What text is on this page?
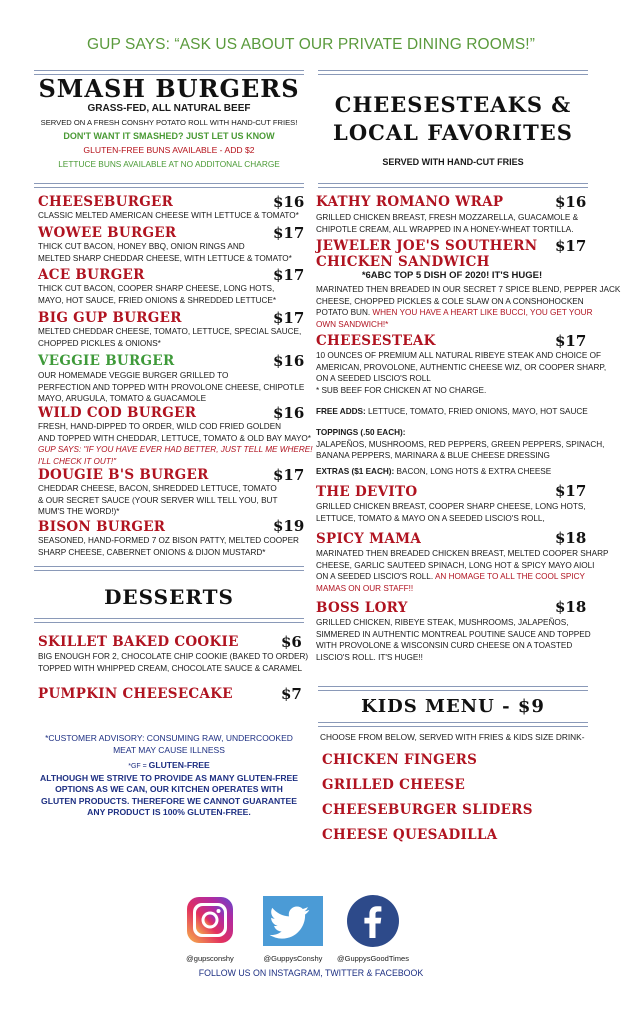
GUP SAYS: “ASK US ABOUT OUR PRIVATE DINING ROOMS!”
SMASH BURGERS
GRASS-FED, ALL NATURAL BEEF
SERVED ON A FRESH CONSHY POTATO ROLL WITH HAND-CUT FRIES!
DON'T WANT IT SMASHED? JUST LET US KNOW
GLUTEN-FREE BUNS AVAILABLE - ADD $2
LETTUCE BUNS AVAILABLE AT NO ADDITONAL CHARGE
CHEESESTEAKS &
LOCAL FAVORITES
SERVED WITH HAND-CUT FRIES
CHEESEBURGER	$16
CLASSIC MELTED AMERICAN CHEESE WITH LETTUCE & TOMATO*
WOWEE BURGER	$17
THICK CUT BACON, HONEY BBQ, ONION RINGS AND
MELTED SHARP CHEDDAR CHEESE, WITH LETTUCE & TOMATO*
ACE BURGER	$17
THICK CUT BACON, COOPER SHARP CHEESE, LONG HOTS,
MAYO, HOT SAUCE, FRIED ONIONS & SHREDDED LETTUCE*
BIG GUP BURGER	$17
MELTED CHEDDAR CHEESE, TOMATO, LETTUCE, SPECIAL SAUCE,
CHOPPED PICKLES & ONIONS*
VEGGIE BURGER	$16
OUR HOMEMADE VEGGIE BURGER GRILLED TO
PERFECTION AND TOPPED WITH PROVOLONE CHEESE, CHIPOTLE
MAYO, ARUGULA, TOMATO & GUACAMOLE
WILD COD BURGER	$16
FRESH, HAND-DIPPED TO ORDER, WILD COD FRIED GOLDEN
AND TOPPED WITH CHEDDAR, LETTUCE, TOMATO & OLD BAY MAYO*
GUP SAYS: "IF YOU HAVE EVER HAD BETTER, JUST TELL ME WHERE!
I'LL CHECK IT OUT!"
DOUGIE B'S BURGER	$17
CHEDDAR CHEESE, BACON, SHREDDED LETTUCE, TOMATO
& OUR SECRET SAUCE (YOUR SERVER WILL TELL YOU, BUT
MUM'S THE WORD!)*
BISON BURGER	$19
SEASONED, HAND-FORMED 7 OZ BISON PATTY, MELTED COOPER
SHARP CHEESE, CABERNET ONIONS & DIJON MUSTARD*
DESSERTS
SKILLET BAKED COOKIE	$6
BIG ENOUGH FOR 2, CHOCOLATE CHIP COOKIE (BAKED TO ORDER)
TOPPED WITH WHIPPED CREAM, CHOCOLATE SAUCE & CARAMEL
PUMPKIN CHEESECAKE	$7
*CUSTOMER ADVISORY: CONSUMING RAW, UNDERCOOKED
MEAT MAY CAUSE ILLNESS
*GF = GLUTEN-FREE
ALTHOUGH WE STRIVE TO PROVIDE AS MANY GLUTEN-FREE
OPTIONS AS WE CAN, OUR KITCHEN OPERATES WITH
GLUTEN PRODUCTS. THEREFORE WE CANNOT GUARANTEE
ANY PRODUCT IS 100% GLUTEN-FREE.
KATHY ROMANO WRAP	$16
GRILLED CHICKEN BREAST, FRESH MOZZARELLA, GUACAMOLE &
CHIPOTLE CREAM, ALL WRAPPED IN A HONEY-WHEAT TORTILLA.
JEWELER JOE'S SOUTHERN
CHICKEN SANDWICH
$17
*6ABC TOP 5 DISH OF 2020! IT'S HUGE!
MARINATED THEN BREADED IN OUR SECRET 7 SPICE BLEND, PEPPER JACK
CHEESE, CHOPPED PICKLES & COLE SLAW ON A CONSHOHOCKEN
POTATO BUN. WHEN YOU HAVE A HEART LIKE BUCCI, YOU GET YOUR
OWN SANDWICH!*
CHEESESTEAK	$17
10 OUNCES OF PREMIUM ALL NATURAL RIBEYE STEAK AND CHOICE OF
AMERICAN, PROVOLONE, AUTHENTIC CHEESE WIZ, OR COOPER SHARP,
ON A SEEDED LISCIO'S ROLL
* SUB BEEF FOR CHICKEN AT NO CHARGE.
FREE ADDS: LETTUCE, TOMATO, FRIED ONIONS, MAYO, HOT SAUCE
TOPPINGS (.50 EACH):
JALAPEÑOS, MUSHROOMS, RED PEPPERS, GREEN PEPPERS, SPINACH,
BANANA PEPPERS, MARINARA & BLUE CHEESE DRESSING
EXTRAS ($1 EACH): BACON, LONG HOTS & EXTRA CHEESE
THE DEVITO	$17
GRILLED CHICKEN BREAST, COOPER SHARP CHEESE, LONG HOTS,
LETTUCE, TOMATO & MAYO ON A SEEDED LISCIO'S ROLL,
SPICY MAMA	$18
MARINATED THEN BREADED CHICKEN BREAST, MELTED COOPER SHARP
CHEESE, GARLIC SAUTEED SPINACH, LONG HOT & SPICY MAYO AIOLI
ON A SEEDED LISCIO'S ROLL. AN HOMAGE TO ALL THE COOL SPICY
MAMAS ON OUR STAFF!!
BOSS LORY	$18
GRILLED CHICKEN, RIBEYE STEAK, MUSHROOMS, JALAPEÑOS,
SIMMERED IN AUTHENTIC MONTREAL POUTINE SAUCE AND TOPPED
WITH PROVOLONE & WISCONSIN CURD CHEESE ON A TOASTED
LISCIO'S ROLL. IT'S HUGE!!
KIDS MENU - $9
CHOOSE FROM BELOW, SERVED WITH FRIES & KIDS SIZE DRINK-
CHICKEN FINGERS
GRILLED CHEESE
CHEESEBURGER SLIDERS
CHEESE QUESADILLA
@gupsconshy	@GuppysConshy	@GuppysGoodTimes
FOLLOW US ON INSTAGRAM, TWITTER & FACEBOOK
